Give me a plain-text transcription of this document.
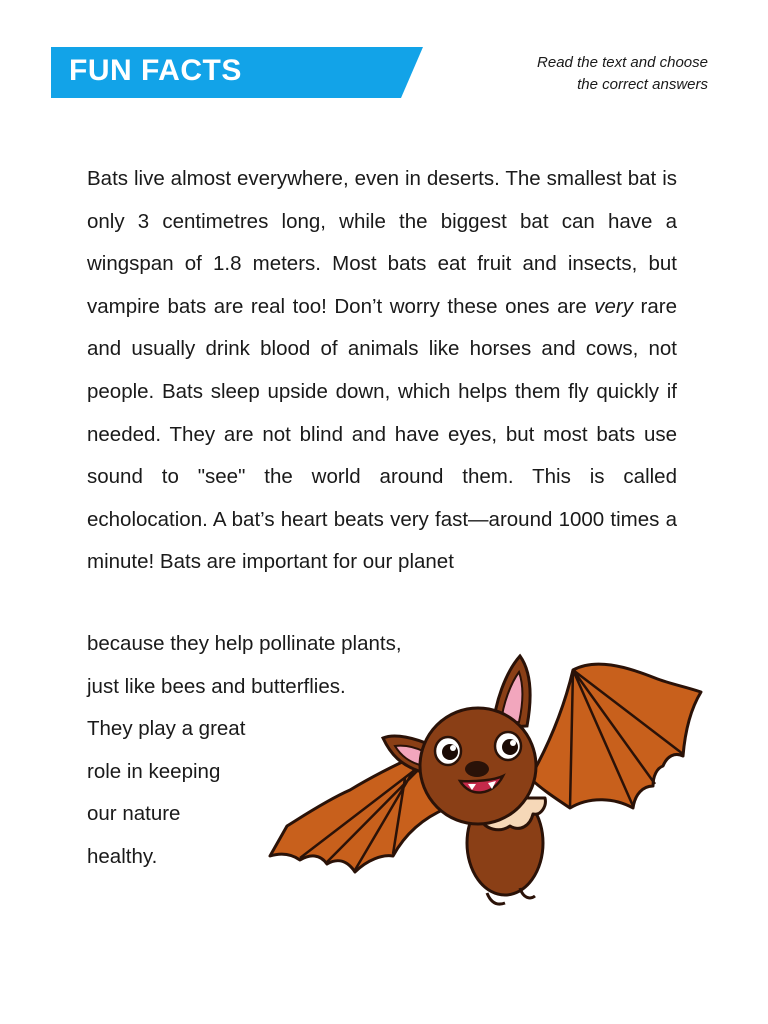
FUN FACTS	Read the text and choose
the correct answers

Bats live almost everywhere, even in deserts. The smallest bat is only 3 centimetres long, while the biggest bat can have a wingspan of 1.8 meters. Most bats eat fruit and insects, but vampire bats are real too! Don’t worry these ones are very rare and usually drink blood of animals like horses and cows, not people. Bats sleep upside down, which helps them fly quickly if needed. They are not blind and have eyes, but most bats use sound to "see" the world around them. This is called echolocation. A bat’s heart beats very fast—around 1000 times a minute! Bats are important for our planet

because they help pollinate plants,
just like bees and butterflies.
They play a great
role in keeping
our nature
healthy.
